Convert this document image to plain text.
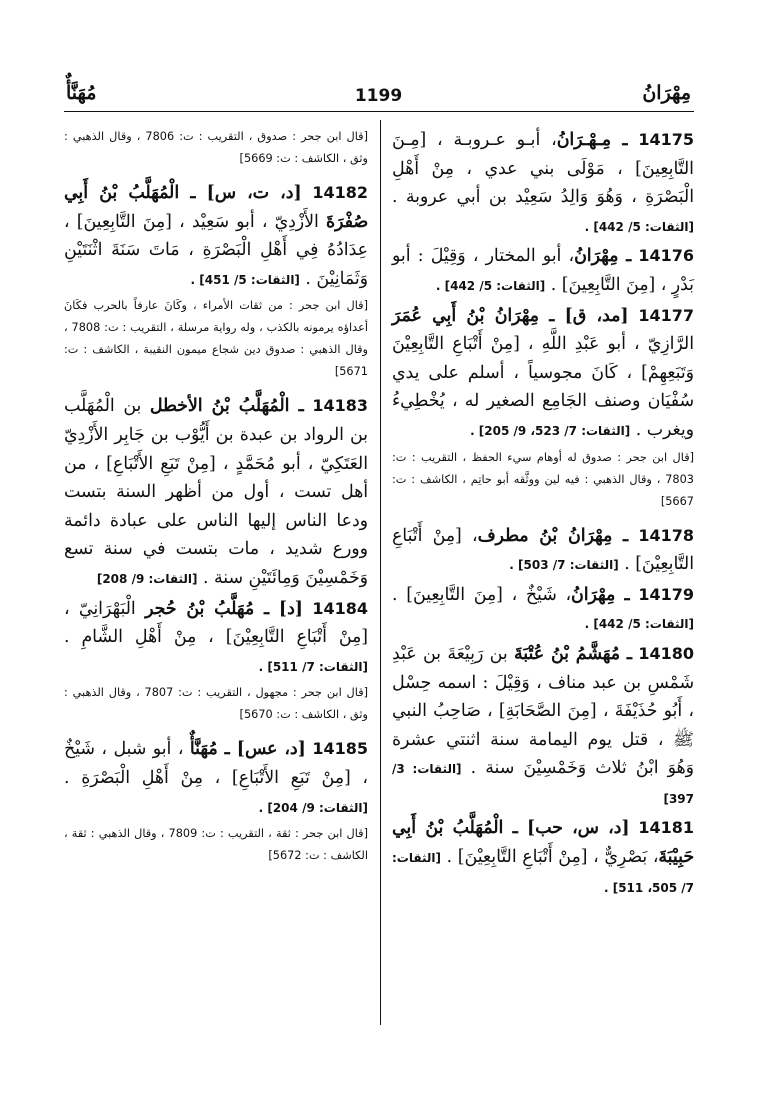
مِهْرَانُ
1199
مُهَنَّأٌ

14175 ـ مِـهْـرَانُ، أبـو عـروبـة ، [مِـنَ التَّابِعِينَ] ، مَوْلَى بني عدي ، مِنْ أَهْلِ الْبَصْرَةِ ، وَهُوَ وَالِدُ سَعِيْد بن أبي عروبة . [الثقات: 5/ 442] .

14176 ـ مِهْرَانُ، أبو المختار ، وَقِيْلَ : أبو بَدْرٍ ، [مِنَ التَّابِعِينَ] . [الثقات: 5/ 442] .

14177 [مد، ق] ـ مِهْرَانُ بْنُ أَبِي عُمَرَ الرَّازِيّ ، أبو عَبْدِ اللَّهِ ، [مِنْ أَتْبَاعِ التَّابِعِيْنَ وَتَبَعِهِمْ] ، كَانَ مجوسياً ، أسلم على يدي سُفْيَان وصنف الجَامِع الصغير له ، يُخْطِيءُ ويغرب . [الثقات: 7/ 523، 9/ 205] .

[قال ابن جحر : صدوق له أوهام سيء الحفظ ، التقريب : ت: 7803 ، وقال الذهبي : فيه لين ووثَّقه أبو حاتِم ، الكاشف : ت: 5667]

14178 ـ مِهْرَانُ بْنُ مطرف، [مِنْ أَتْبَاعِ التَّابِعِيْنَ] . [الثقات: 7/ 503] .

14179 ـ مِهْرَانُ، شَيْخٌ ، [مِنَ التَّابِعِينَ] . [الثقات: 5/ 442] .

14180 ـ مُهَشَّمُ بْنُ عُتْبَةَ بن رَبِيْعَةَ بن عَبْدِ شَمْسِ بن عبد مناف ، وَقِيْلَ : اسمه حِسْل ، أَبُو حُذَيْفَةَ ، [مِنَ الصَّحَابَةِ] ، صَاحِبُ النبي ﷺ ، قتل يوم اليمامة سنة اثنتي عشرة وَهُوَ ابْنُ ثلاث وَخَمْسِيْنَ سنة . [الثقات: 3/ 397]

14181 [د، س، حب] ـ الْمُهَلَّبُ بْنُ أَبِي حَبِيْبَةَ، بَصْرِيٌّ ، [مِنْ أَتْبَاعِ التَّابِعِيْنَ] . [الثقات: 7/ 505، 511] .

[قال ابن جحر : صدوق ، التقريب : ت: 7806 ، وقال الذهبي : وثق ، الكاشف : ت: 5669]

14182 [د، ت، س] ـ الْمُهَلَّبُ بْنُ أَبِي صُفْرَةَ الأَزْدِيّ ، أبو سَعِيْد ، [مِنَ التَّابِعِينَ] ، عِدَادُهُ فِي أَهْلِ الْبَصْرَةِ ، مَاتَ سَنَةَ اثْنَتَيْنِ وَثَمَانِيْنَ . [الثقات: 5/ 451] .

[قال ابن جحر : من ثقات الأمراء ، وكَانَ عارفاً بالحرب فكَانَ أعداؤه يرمونه بالكذب ، وله رواية مرسلة ، التقريب : ت: 7808 ، وقال الذهبي : صدوق دين شجاع ميمون النقيبة ، الكاشف : ت: 5671]

14183 ـ الْمُهَلَّبُ بْنُ الأخطل بن الْمُهَلَّب بن الرواد بن عبدة بن أَيُّوْب بن جَابِر الأَزْدِيّ العَتَكِيّ ، أبو مُحَمَّدٍ ، [مِنْ تَبَعِ الأَتْبَاعِ] ، من أهل تست ، أول من أظهر السنة بتست ودعا الناس إليها الناس على عبادة دائمة وورع شديد ، مات بتست في سنة تسع وَخَمْسِيْنَ وَمِائَتَيْنِ سنة . [الثقات: 9/ 208]

14184 [د] ـ مُهَلَّبُ بْنُ حُجر الْبَهْرَانِيّ ، [مِنْ أَتْبَاعِ التَّابِعِيْنَ] ، مِنْ أَهْلِ الشَّامِ . [الثقات: 7/ 511] .

[قال ابن جحر : مجهول ، التقريب : ت: 7807 ، وقال الذهبي : وثق ، الكاشف : ت: 5670]

14185 [د، عس] ـ مُهَنَّأٌ ، أبو شبل ، شَيْخٌ ، [مِنْ تَبَعِ الأَتْبَاعِ] ، مِنْ أَهْلِ الْبَصْرَةِ . [الثقات: 9/ 204] .

[قال ابن جحر : ثقة ، التقريب : ت: 7809 ، وقال الذهبي : ثقة ، الكاشف : ت: 5672]
